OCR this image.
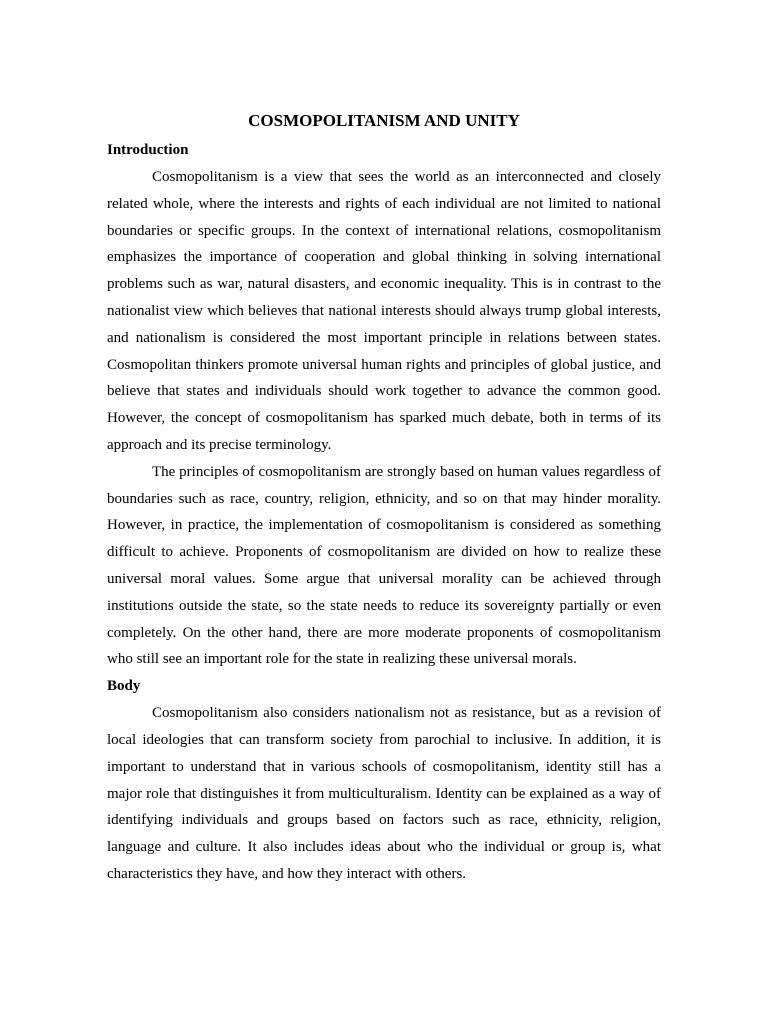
COSMOPOLITANISM AND UNITY
Introduction

Cosmopolitanism is a view that sees the world as an interconnected and closely related whole, where the interests and rights of each individual are not limited to national boundaries or specific groups. In the context of international relations, cosmopolitanism emphasizes the importance of cooperation and global thinking in solving international problems such as war, natural disasters, and economic inequality. This is in contrast to the nationalist view which believes that national interests should always trump global interests, and nationalism is considered the most important principle in relations between states. Cosmopolitan thinkers promote universal human rights and principles of global justice, and believe that states and individuals should work together to advance the common good. However, the concept of cosmopolitanism has sparked much debate, both in terms of its approach and its precise terminology.

The principles of cosmopolitanism are strongly based on human values regardless of boundaries such as race, country, religion, ethnicity, and so on that may hinder morality. However, in practice, the implementation of cosmopolitanism is considered as something difficult to achieve. Proponents of cosmopolitanism are divided on how to realize these universal moral values. Some argue that universal morality can be achieved through institutions outside the state, so the state needs to reduce its sovereignty partially or even completely. On the other hand, there are more moderate proponents of cosmopolitanism who still see an important role for the state in realizing these universal morals.

Body

Cosmopolitanism also considers nationalism not as resistance, but as a revision of local ideologies that can transform society from parochial to inclusive. In addition, it is important to understand that in various schools of cosmopolitanism, identity still has a major role that distinguishes it from multiculturalism. Identity can be explained as a way of identifying individuals and groups based on factors such as race, ethnicity, religion, language and culture. It also includes ideas about who the individual or group is, what characteristics they have, and how they interact with others.
